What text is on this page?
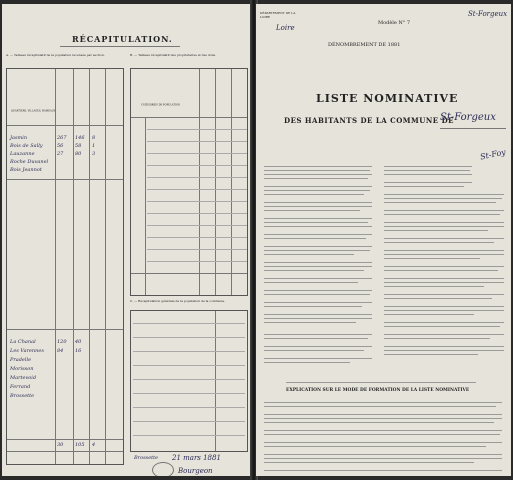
RÉCAPITULATION.
A. — Tableau récapitulatif de la population recensée par section.	B. — Tableau récapitulatif des propriétaires et des dons.
QUARTIERS, VILLAGES, HAMEAUX
Jasmin
Bois de Sally
Lauzanne
Roche Duvanel
Bois Jeannot
La Chanal
Les Varennes
Pradelle
Morisson
Martevoid
Ferrand
Brossette
267 146 8
56 58 1
27 80 3
120 40
84 16
30 105 4
CATÉGORIES DE POPULATION
C. — Récapitulation générale de la population de la commune.
Brossette 21 mars 1881
Bourgeon
DÉPARTEMENT DE LA LOIRE
Loire
Modèle N° 7
St-Forgeux
DÉNOMBREMENT DE 1881
LISTE NOMINATIVE
DES HABITANTS DE LA COMMUNE DE
St-Forgeux
St-Foy
EXPLICATION SUR LE MODE DE FORMATION DE LA LISTE NOMINATIVE
